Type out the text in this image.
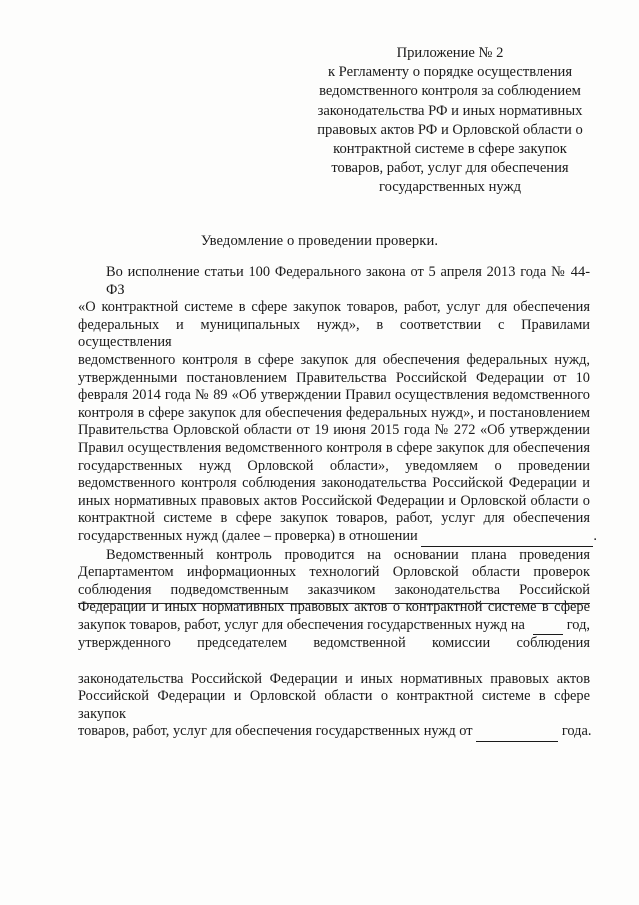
Приложение № 2
к Регламенту о порядке осуществления
ведомственного контроля за соблюдением
законодательства РФ и иных нормативных
правовых актов РФ и Орловской области о
контрактной системе в сфере закупок
товаров, работ, услуг для обеспечения
государственных нужд
Уведомление о проведении проверки.
Во исполнение статьи 100 Федерального закона от 5 апреля 2013 года № 44-ФЗ
«О контрактной системе в сфере закупок товаров, работ, услуг для обеспечения
федеральных и муниципальных нужд», в соответствии с Правилами осуществления
ведомственного контроля в сфере закупок для обеспечения федеральных нужд,
утвержденными постановлением Правительства Российской Федерации от 10
февраля 2014 года № 89 «Об утверждении Правил осуществления ведомственного
контроля в сфере закупок для обеспечения федеральных нужд», и постановлением
Правительства Орловской области от 19 июня 2015 года № 272 «Об утверждении
Правил осуществления ведомственного контроля в сфере закупок для обеспечения
государственных нужд Орловской области», уведомляем о проведении
ведомственного контроля соблюдения законодательства Российской Федерации и
иных нормативных правовых актов Российской Федерации и Орловской области о
контрактной системе в сфере закупок товаров, работ, услуг для обеспечения
государственных нужд (далее – проверка) в отношении	.
Ведомственный контроль проводится на основании плана проведения
Департаментом информационных технологий Орловской области проверок
соблюдения подведомственным заказчиком законодательства Российской
Федерации и иных нормативных правовых актов о контрактной системе в сфере
закупок товаров, работ, услуг для обеспечения государственных нужд на	год,
утвержденного председателем ведомственной комиссии соблюдения
законодательства Российской Федерации и иных нормативных правовых актов
Российской Федерации и Орловской области о контрактной системе в сфере закупок
товаров, работ, услуг для обеспечения государственных нужд от	года.
